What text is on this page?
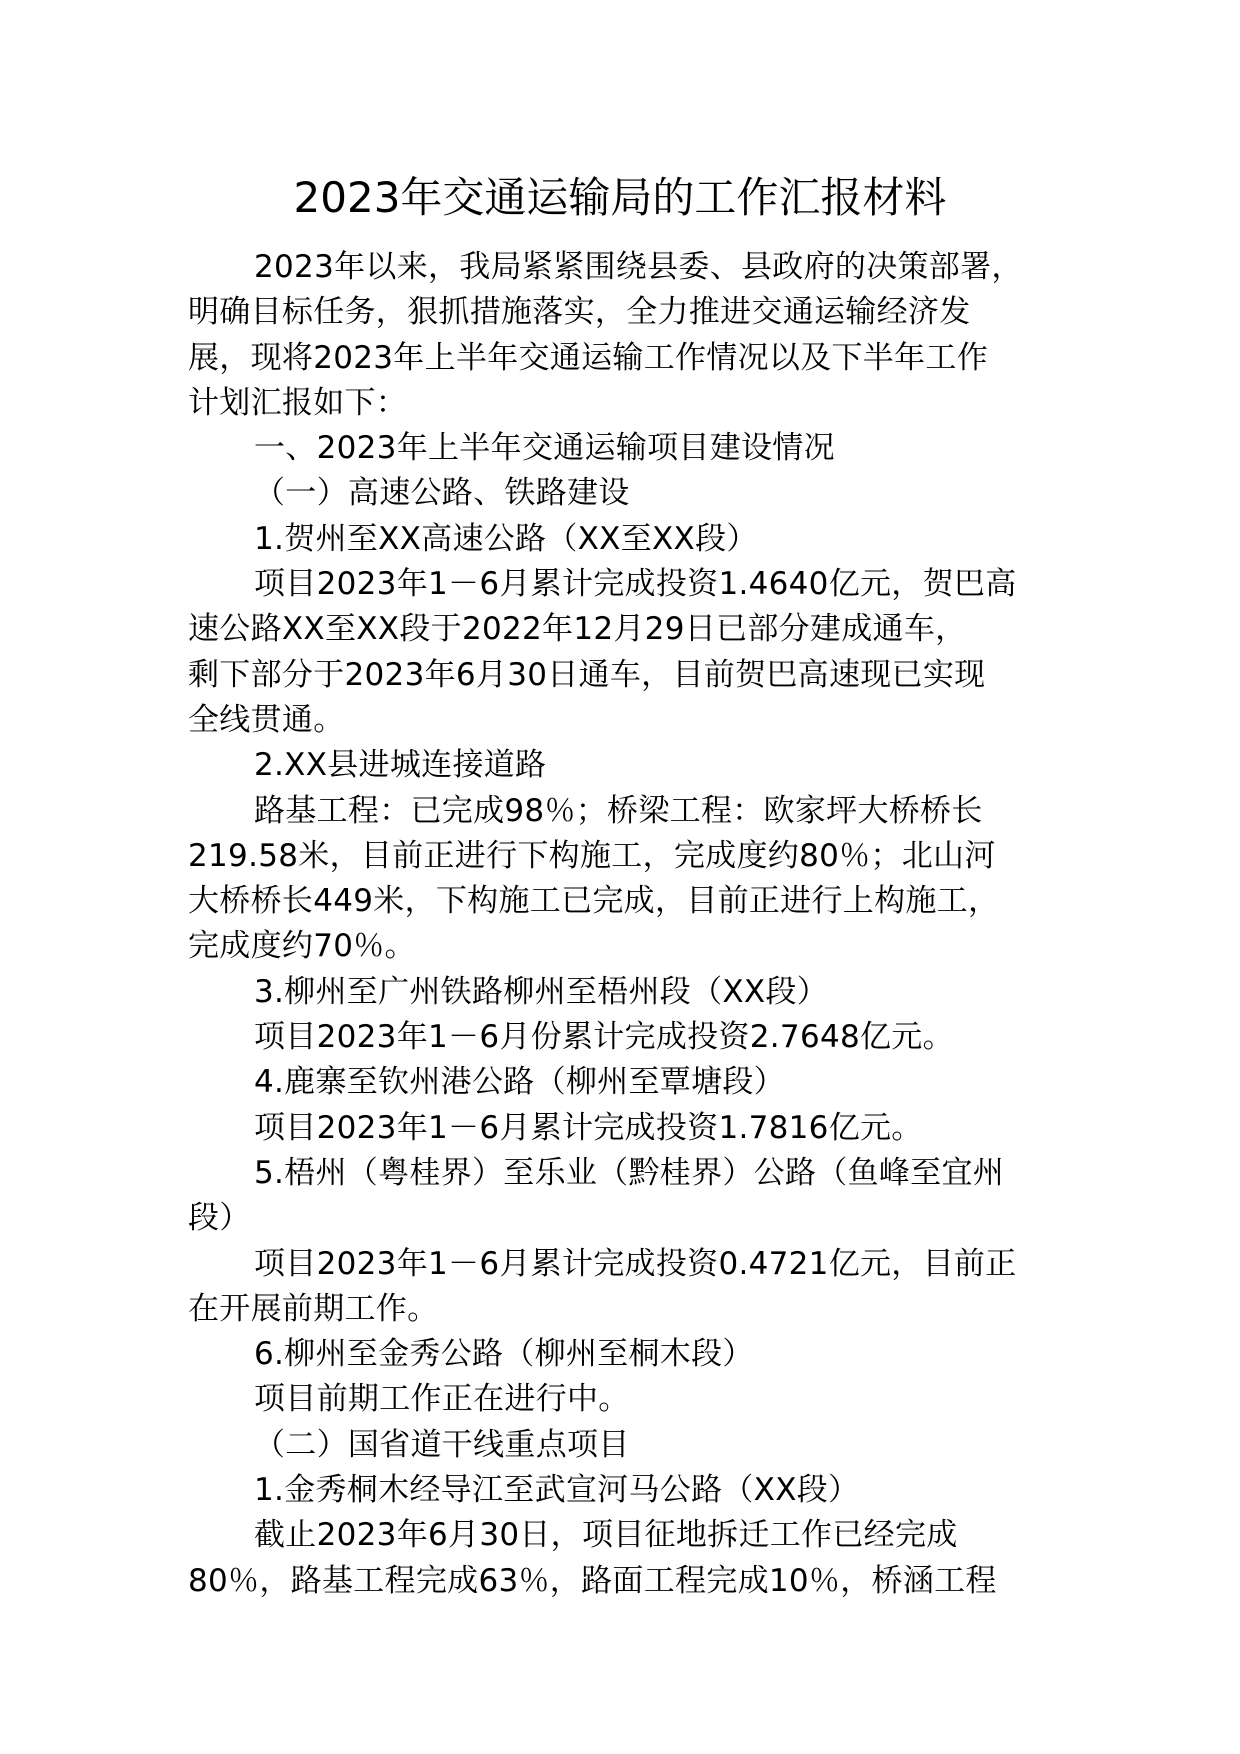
2023年交通运输局的工作汇报材料
2023年以来，我局紧紧围绕县委、县政府的决策部署，
明确目标任务，狠抓措施落实，全力推进交通运输经济发
展，现将2023年上半年交通运输工作情况以及下半年工作
计划汇报如下：
一、2023年上半年交通运输项目建设情况
（一）高速公路、铁路建设
1.贺州至XX高速公路（XX至XX段）
项目2023年1－6月累计完成投资1.4640亿元，贺巴高
速公路XX至XX段于2022年12月29日已部分建成通车，
剩下部分于2023年6月30日通车，目前贺巴高速现已实现
全线贯通。
2.XX县进城连接道路
路基工程：已完成98％；桥梁工程：欧家坪大桥桥长
219.58米，目前正进行下构施工，完成度约80％；北山河
大桥桥长449米，下构施工已完成，目前正进行上构施工，
完成度约70％。
3.柳州至广州铁路柳州至梧州段（XX段）
项目2023年1－6月份累计完成投资2.7648亿元。
4.鹿寨至钦州港公路（柳州至覃塘段）
项目2023年1－6月累计完成投资1.7816亿元。
5.梧州（粤桂界）至乐业（黔桂界）公路（鱼峰至宜州
段）
项目2023年1－6月累计完成投资0.4721亿元，目前正
在开展前期工作。
6.柳州至金秀公路（柳州至桐木段）
项目前期工作正在进行中。
（二）国省道干线重点项目
1.金秀桐木经导江至武宣河马公路（XX段）
截止2023年6月30日，项目征地拆迁工作已经完成
80％，路基工程完成63％，路面工程完成10％，桥涵工程
